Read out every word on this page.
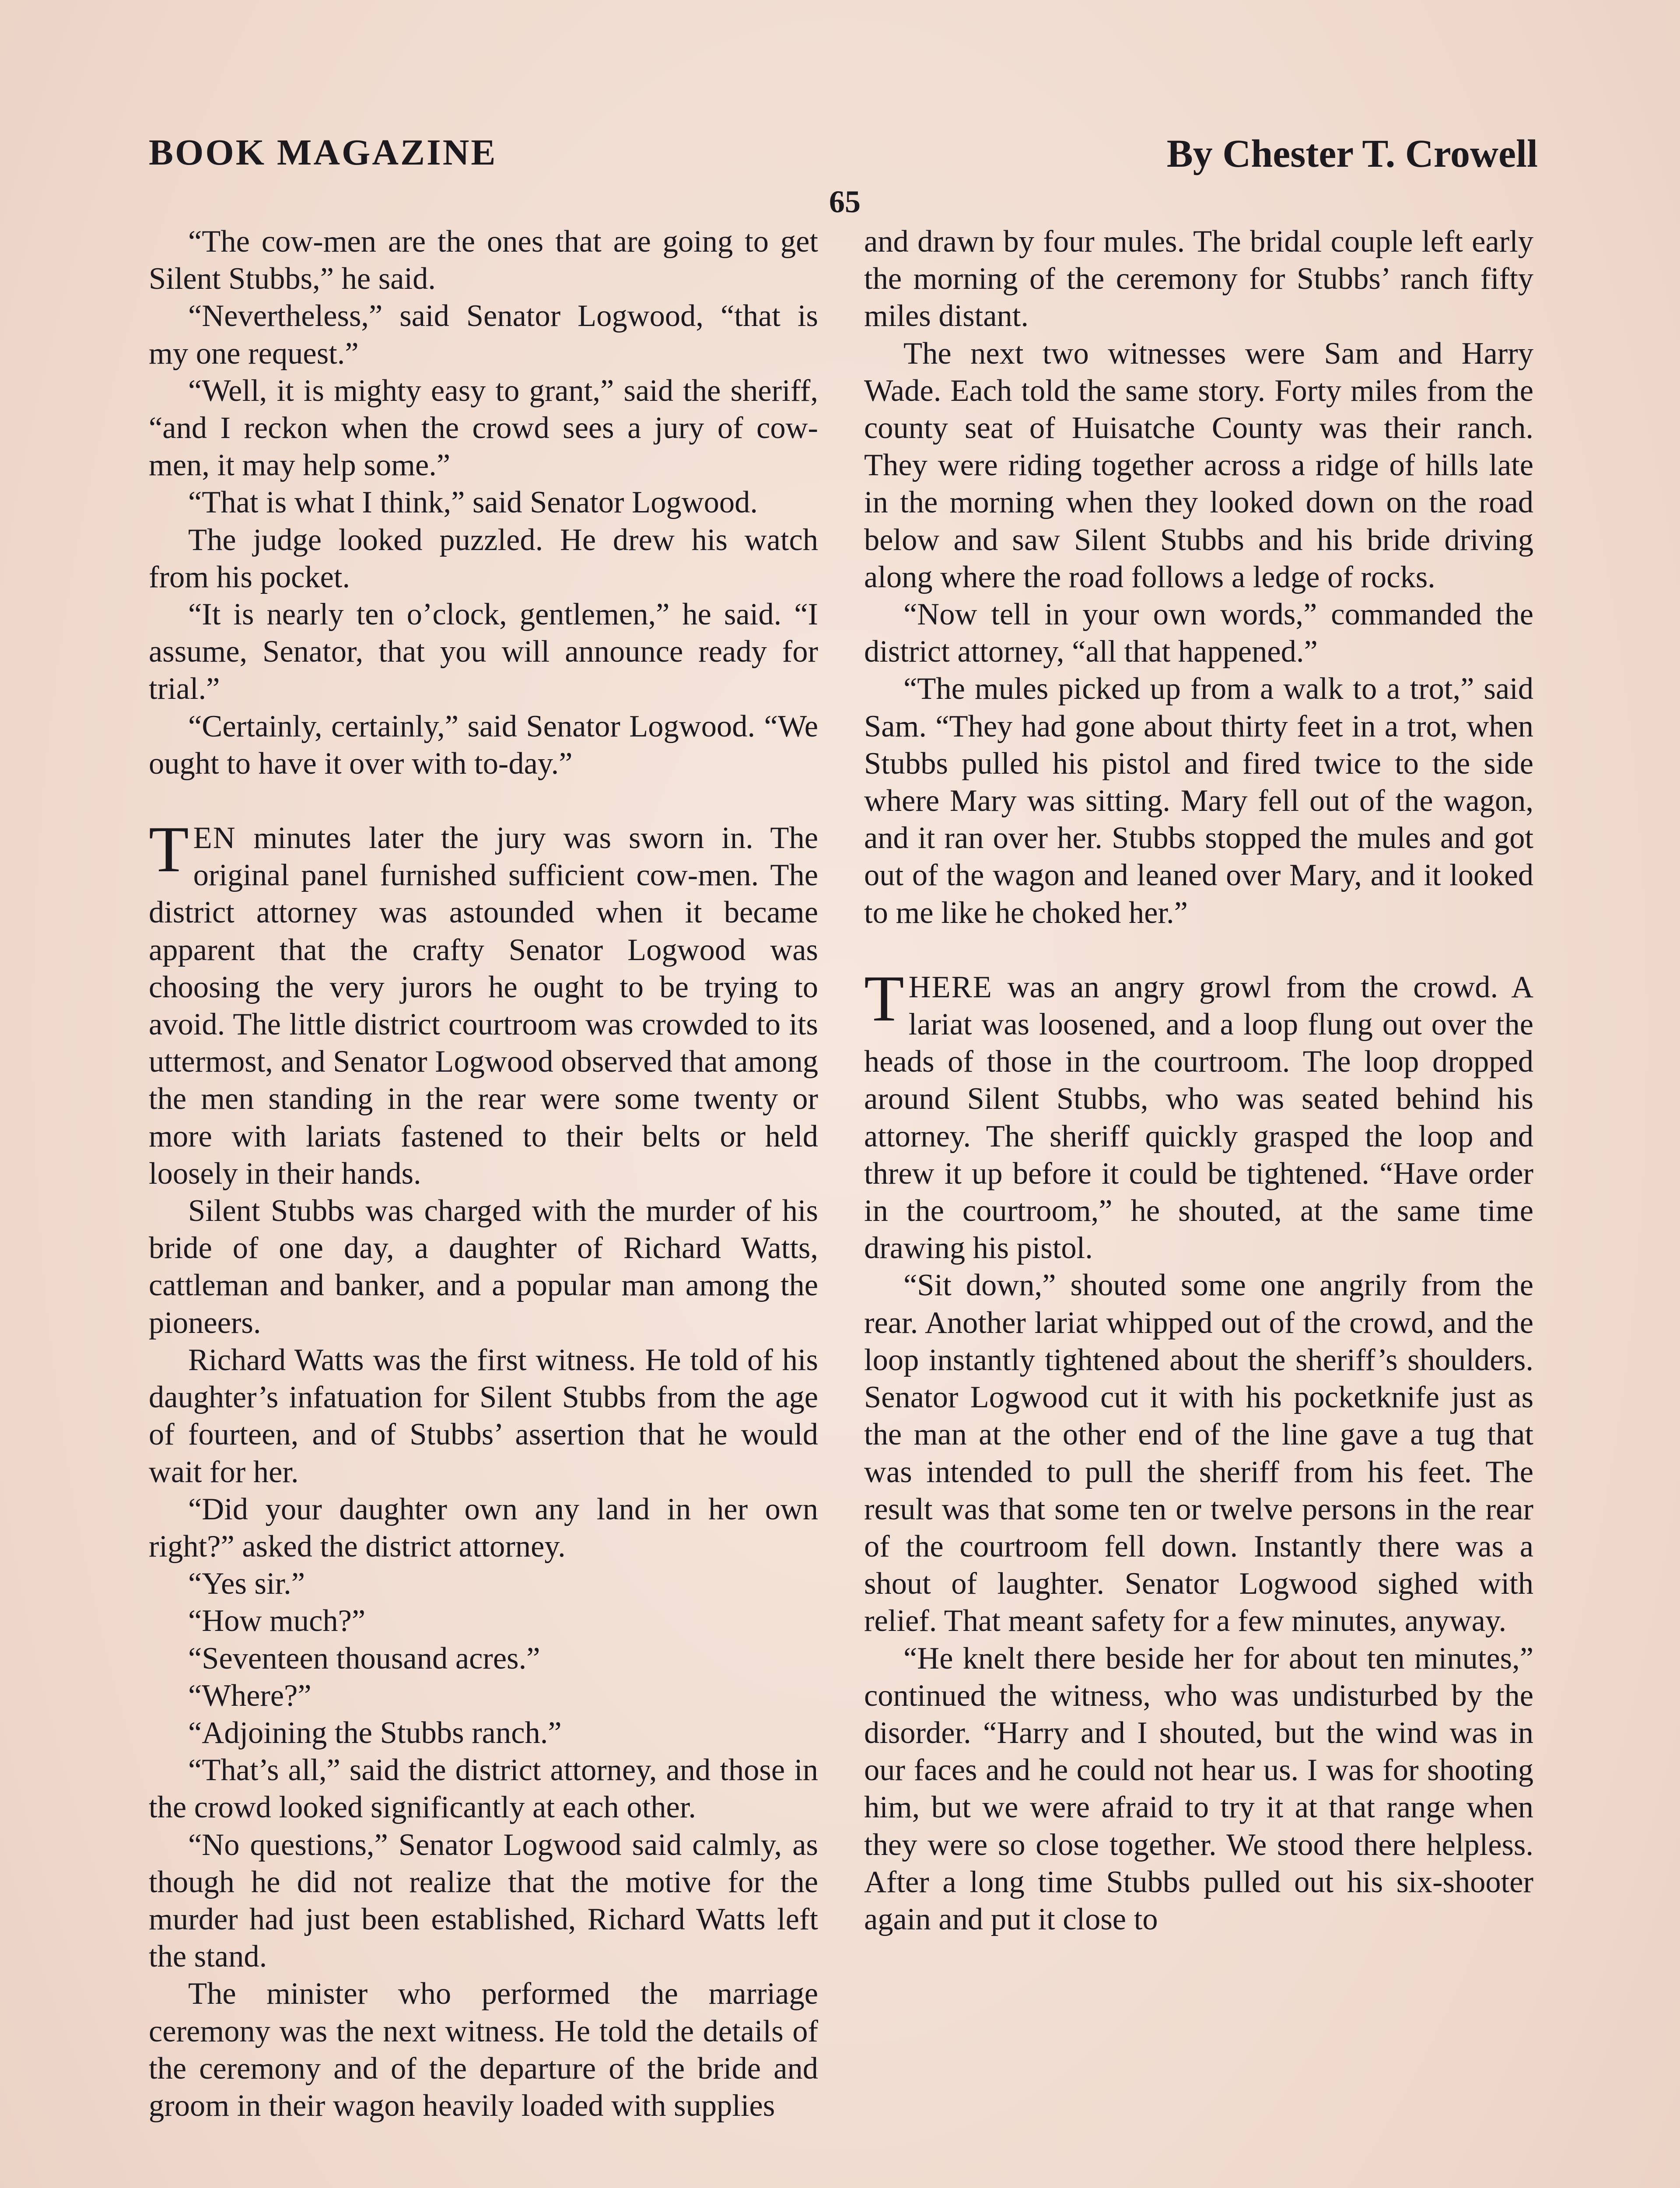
BOOK MAGAZINE	By Chester T. Crowell
65

“The cow-men are the ones that are going to get Silent Stubbs,” he said.

“Nevertheless,” said Senator Logwood, “that is my one request.”

“Well, it is mighty easy to grant,” said the sheriff, “and I reckon when the crowd sees a jury of cow-men, it may help some.”

“That is what I think,” said Senator Logwood.

The judge looked puzzled. He drew his watch from his pocket.

“It is nearly ten o’clock, gentlemen,” he said. “I assume, Senator, that you will announce ready for trial.”

“Certainly, certainly,” said Senator Logwood. “We ought to have it over with to-day.”

TEN minutes later the jury was sworn in. The original panel furnished sufficient cow-men. The district attorney was astounded when it became apparent that the crafty Senator Logwood was choosing the very jurors he ought to be trying to avoid. The little district courtroom was crowded to its uttermost, and Senator Logwood observed that among the men standing in the rear were some twenty or more with lariats fastened to their belts or held loosely in their hands.

Silent Stubbs was charged with the murder of his bride of one day, a daughter of Richard Watts, cattleman and banker, and a popular man among the pioneers.

Richard Watts was the first witness. He told of his daughter’s infatuation for Silent Stubbs from the age of fourteen, and of Stubbs’ assertion that he would wait for her.

“Did your daughter own any land in her own right?” asked the district attorney.

“Yes sir.”

“How much?”

“Seventeen thousand acres.”

“Where?”

“Adjoining the Stubbs ranch.”

“That’s all,” said the district attorney, and those in the crowd looked significantly at each other.

“No questions,” Senator Logwood said calmly, as though he did not realize that the motive for the murder had just been established, Richard Watts left the stand.

The minister who performed the marriage ceremony was the next witness. He told the details of the ceremony and of the departure of the bride and groom in their wagon heavily loaded with supplies

and drawn by four mules. The bridal couple left early the morning of the ceremony for Stubbs’ ranch fifty miles distant.

The next two witnesses were Sam and Harry Wade. Each told the same story. Forty miles from the county seat of Huisatche County was their ranch. They were riding together across a ridge of hills late in the morning when they looked down on the road below and saw Silent Stubbs and his bride driving along where the road follows a ledge of rocks.

“Now tell in your own words,” commanded the district attorney, “all that happened.”

“The mules picked up from a walk to a trot,” said Sam. “They had gone about thirty feet in a trot, when Stubbs pulled his pistol and fired twice to the side where Mary was sitting. Mary fell out of the wagon, and it ran over her. Stubbs stopped the mules and got out of the wagon and leaned over Mary, and it looked to me like he choked her.”

THERE was an angry growl from the crowd. A lariat was loosened, and a loop flung out over the heads of those in the courtroom. The loop dropped around Silent Stubbs, who was seated behind his attorney. The sheriff quickly grasped the loop and threw it up before it could be tightened. “Have order in the courtroom,” he shouted, at the same time drawing his pistol.

“Sit down,” shouted some one angrily from the rear. Another lariat whipped out of the crowd, and the loop instantly tightened about the sheriff’s shoulders. Senator Logwood cut it with his pocketknife just as the man at the other end of the line gave a tug that was intended to pull the sheriff from his feet. The result was that some ten or twelve persons in the rear of the courtroom fell down. Instantly there was a shout of laughter. Senator Logwood sighed with relief. That meant safety for a few minutes, anyway.

“He knelt there beside her for about ten minutes,” continued the witness, who was undisturbed by the disorder. “Harry and I shouted, but the wind was in our faces and he could not hear us. I was for shooting him, but we were afraid to try it at that range when they were so close together. We stood there helpless. After a long time Stubbs pulled out his six-shooter again and put it close to
